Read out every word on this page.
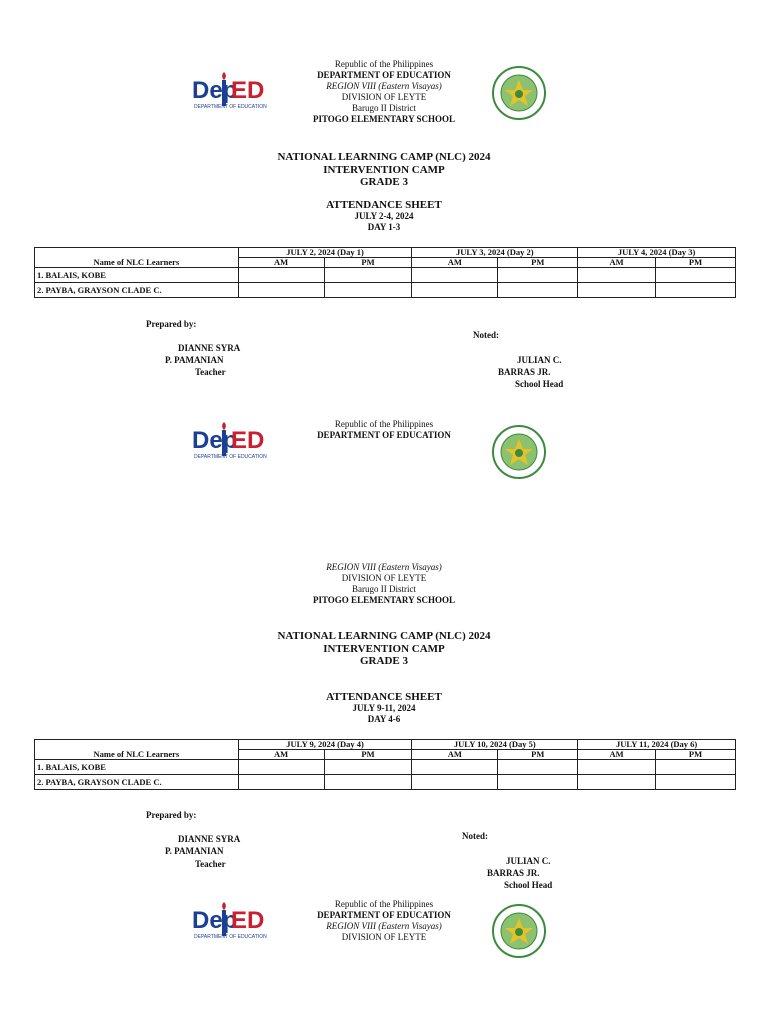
Dep
ED
DEPARTMENT OF EDUCATION
Republic of the Philippines
DEPARTMENT OF EDUCATION
REGION VIII (Eastern Visayas)
DIVISION OF LEYTE
Barugo II District
PITOGO ELEMENTARY SCHOOL
NATIONAL LEARNING CAMP (NLC) 2024
INTERVENTION CAMP
GRADE 3
ATTENDANCE SHEET
JULY 2-4, 2024
DAY 1-3
Name of NLC Learners	JULY 2, 2024 (Day 1)		JULY 3, 2024 (Day 2)		JULY 4, 2024 (Day 3)	
	AM	PM	AM	PM	AM	PM
1. BALAIS, KOBE						
2. PAYBA, GRAYSON CLADE C.						
Prepared by:
DIANNE SYRA
P. PAMANIAN
Teacher
Noted:
JULIAN C.
BARRAS JR.
School Head
Dep
ED
DEPARTMENT OF EDUCATION
Republic of the Philippines
DEPARTMENT OF EDUCATION
REGION VIII (Eastern Visayas)
DIVISION OF LEYTE
Barugo II District
PITOGO ELEMENTARY SCHOOL
NATIONAL LEARNING CAMP (NLC) 2024
INTERVENTION CAMP
GRADE 3
ATTENDANCE SHEET
JULY 9-11, 2024
DAY 4-6
Name of NLC Learners	JULY 9, 2024 (Day 4)		JULY 10, 2024 (Day 5)		JULY 11, 2024 (Day 6)	
	AM	PM	AM	PM	AM	PM
1. BALAIS, KOBE						
2. PAYBA, GRAYSON CLADE C.						
Prepared by:
DIANNE SYRA
P. PAMANIAN
Teacher
Noted:
JULIAN C.
BARRAS JR.
School Head
Dep
ED
DEPARTMENT OF EDUCATION
Republic of the Philippines
DEPARTMENT OF EDUCATION
REGION VIII (Eastern Visayas)
DIVISION OF LEYTE
